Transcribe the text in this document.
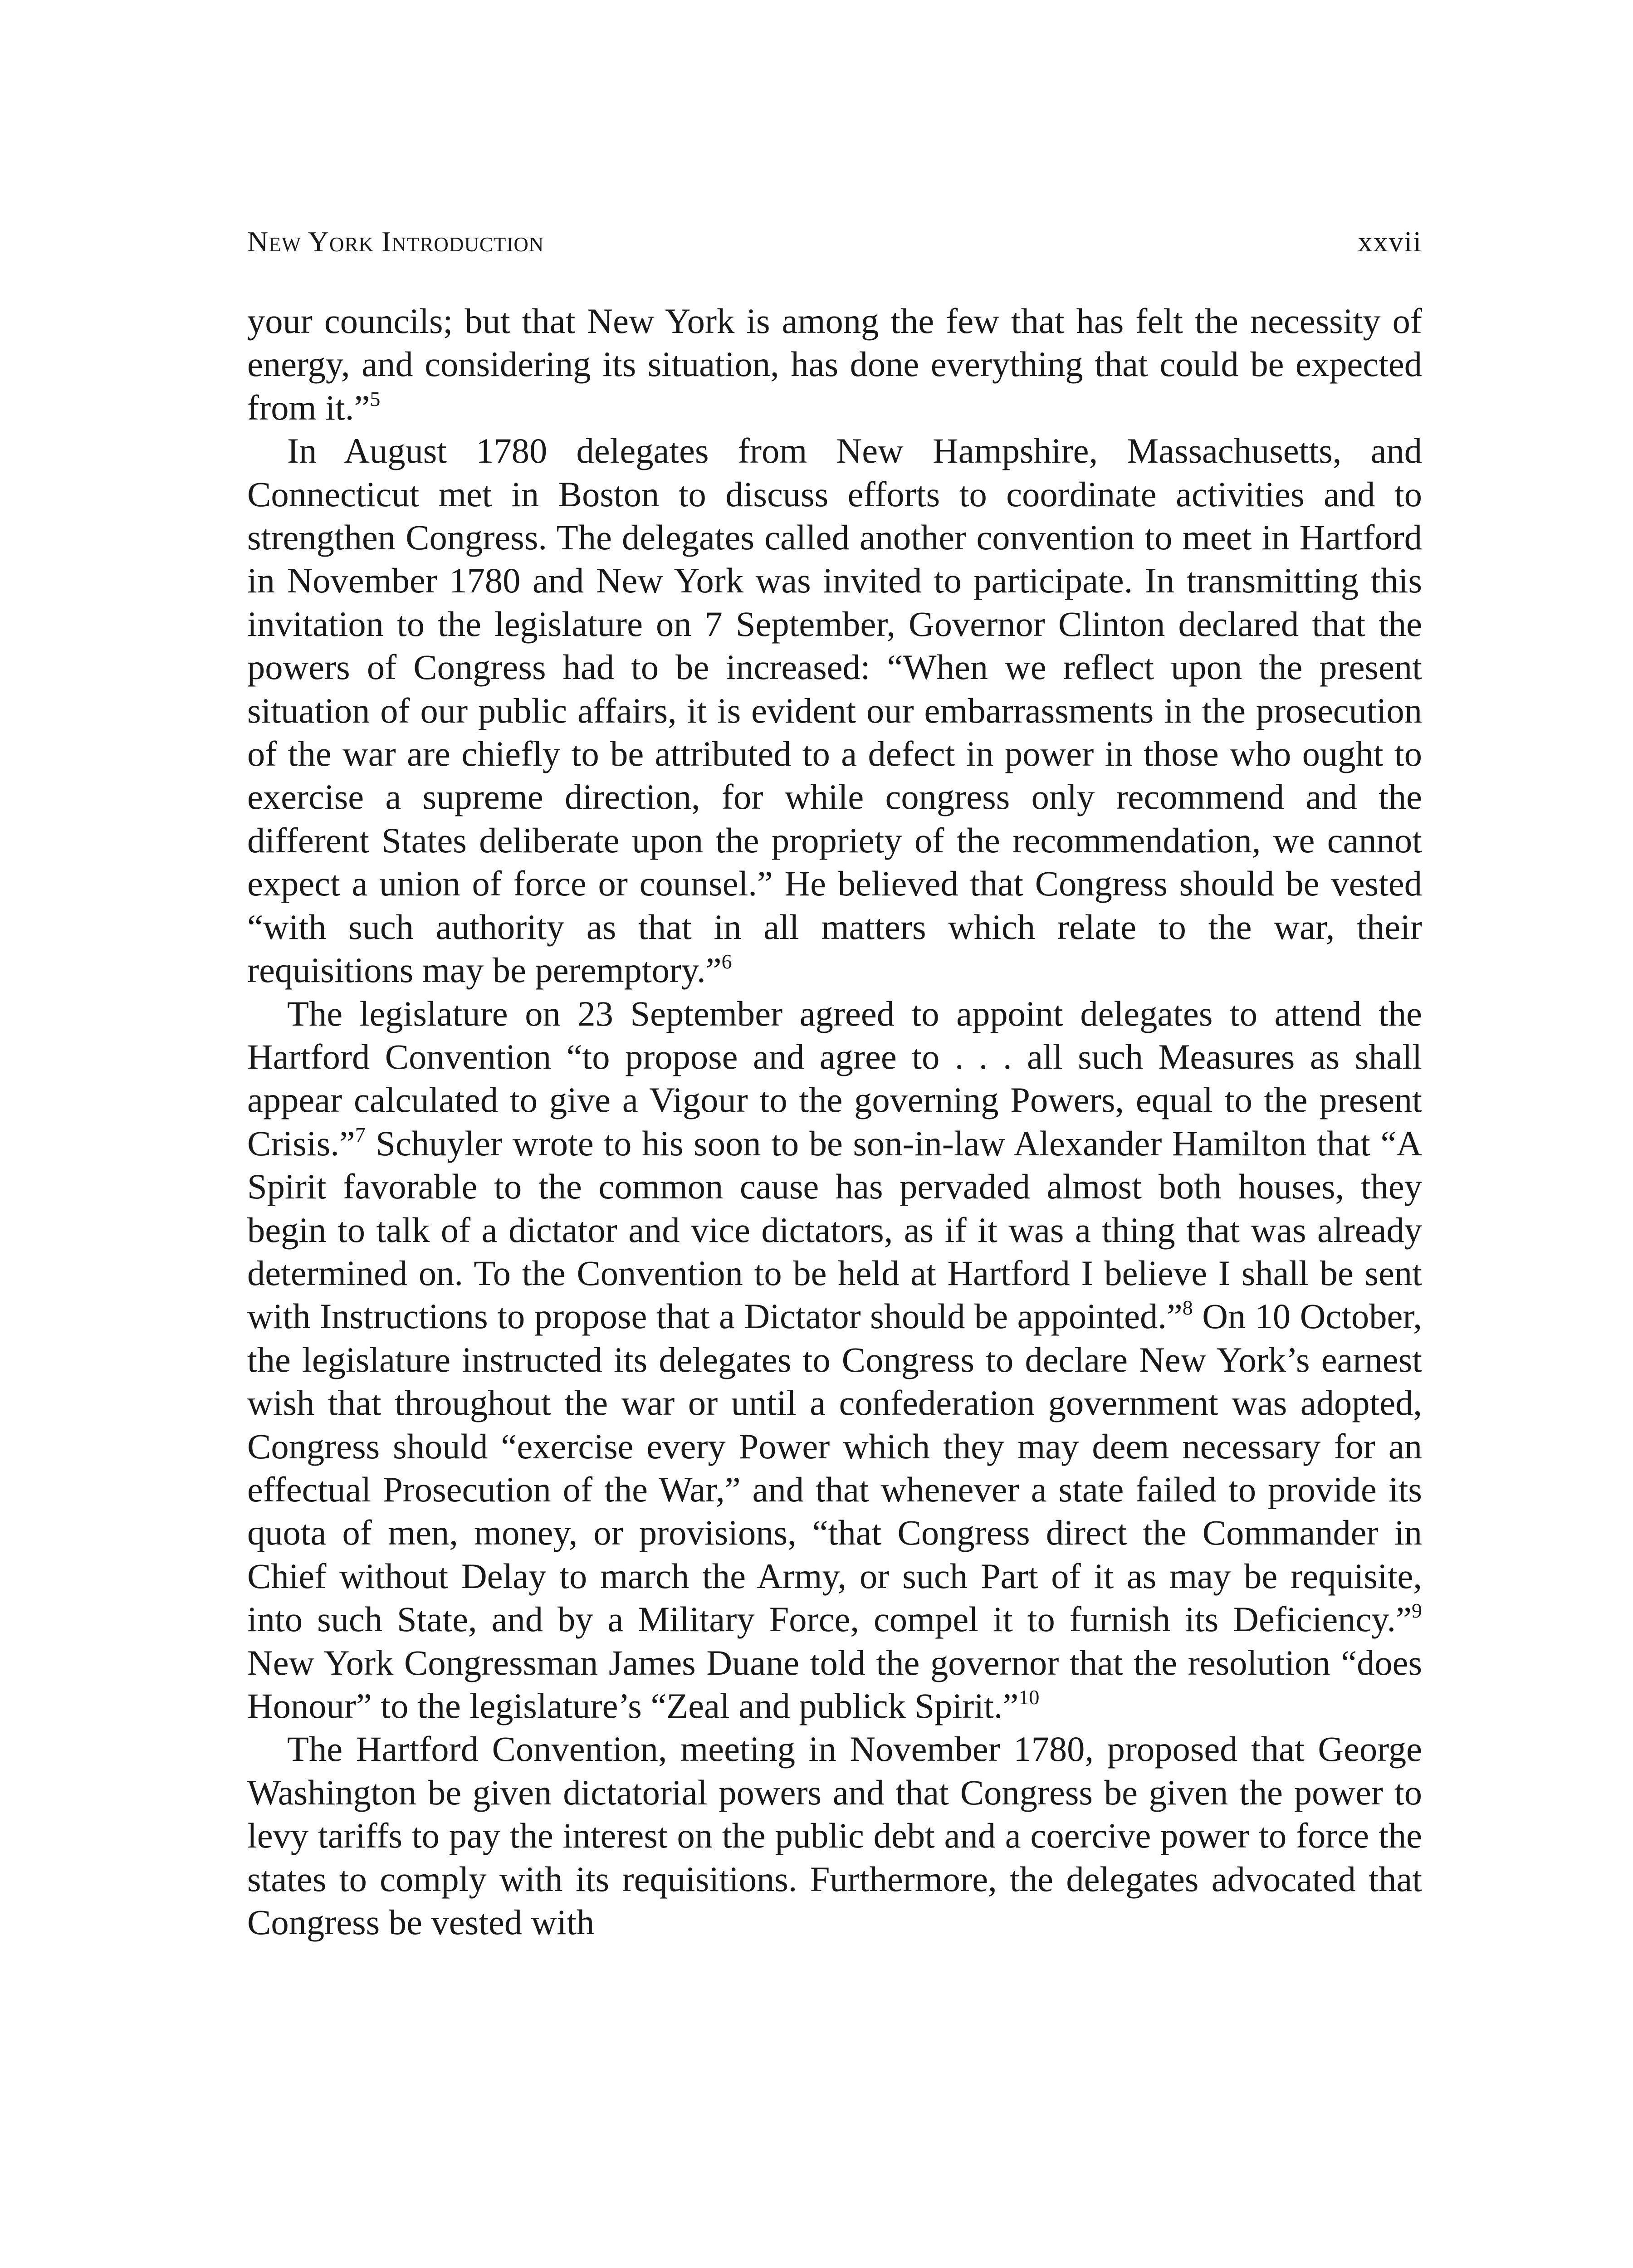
New York Introduction	xxvii

your councils; but that New York is among the few that has felt the necessity of energy, and considering its situation, has done everything that could be expected from it.”$^5$

In August 1780 delegates from New Hampshire, Massachusetts, and Connecticut met in Boston to discuss efforts to coordinate activities and to strengthen Congress. The delegates called another convention to meet in Hartford in November 1780 and New York was invited to participate. In transmitting this invitation to the legislature on 7 September, Governor Clinton declared that the powers of Congress had to be increased: “When we reflect upon the present situation of our public affairs, it is evident our embarrassments in the prosecution of the war are chiefly to be attributed to a defect in power in those who ought to exercise a supreme direction, for while congress only recommend and the different States deliberate upon the propriety of the recommendation, we cannot expect a union of force or counsel.” He believed that Congress should be vested “with such authority as that in all matters which relate to the war, their requisitions may be peremptory.”$^6$

The legislature on 23 September agreed to appoint delegates to attend the Hartford Convention “to propose and agree to . . . all such Measures as shall appear calculated to give a Vigour to the governing Powers, equal to the present Crisis.”$^7$ Schuyler wrote to his soon to be son-in-law Alexander Hamilton that “A Spirit favorable to the common cause has pervaded almost both houses, they begin to talk of a dictator and vice dictators, as if it was a thing that was already determined on. To the Convention to be held at Hartford I believe I shall be sent with Instructions to propose that a Dictator should be appointed.”$^8$ On 10 October, the legislature instructed its delegates to Congress to declare New York’s earnest wish that throughout the war or until a confederation government was adopted, Congress should “exercise every Power which they may deem necessary for an effectual Prosecution of the War,” and that whenever a state failed to provide its quota of men, money, or provisions, “that Congress direct the Commander in Chief without Delay to march the Army, or such Part of it as may be requisite, into such State, and by a Military Force, compel it to furnish its Deficiency.”$^9$ New York Congressman James Duane told the governor that the resolution “does Honour” to the legislature’s “Zeal and publick Spirit.”$^{10}$

The Hartford Convention, meeting in November 1780, proposed that George Washington be given dictatorial powers and that Congress be given the power to levy tariffs to pay the interest on the public debt and a coercive power to force the states to comply with its requisitions. Furthermore, the delegates advocated that Congress be vested with
